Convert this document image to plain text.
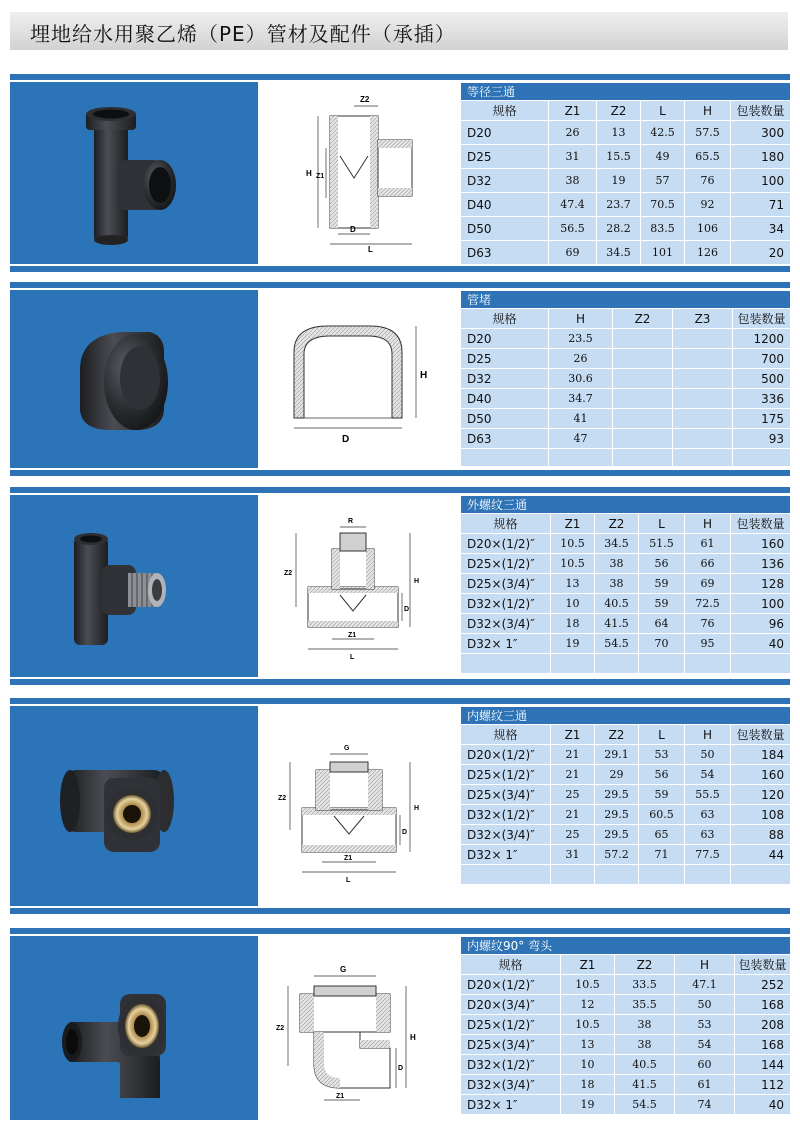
埋地给水用聚乙烯（PE）管材及配件（承插）
Z2
H Z1
D
L
等径三通					
规格	Z1	Z2	L	H	包装数量
D20	26	13	42.5	57.5	300
D25	31	15.5	49	65.5	180
D32	38	19	57	76	100
D40	47.4	23.7	70.5	92	71
D50	56.5	28.2	83.5	106	34
D63	69	34.5	101	126	20
H
D
管堵				
规格	H	Z2	Z3	包装数量
D20	23.5			1200
D25	26			700
D32	30.6			500
D40	34.7			336
D50	41			175
D63	47			93

R
Z2
H
D
Z1
L
外螺纹三通					
规格	Z1	Z2	L	H	包装数量
D20×(1/2)″	10.5	34.5	51.5	61	160
D25×(1/2)″	10.5	38	56	66	136
D25×(3/4)″	13	38	59	69	128
D32×(1/2)″	10	40.5	59	72.5	100
D32×(3/4)″	18	41.5	64	76	96
D32× 1″	19	54.5	70	95	40

G
Z2
D
H
Z1
L
内螺纹三通					
规格	Z1	Z2	L	H	包装数量
D20×(1/2)″	21	29.1	53	50	184
D25×(1/2)″	21	29	56	54	160
D25×(3/4)″	25	29.5	59	55.5	120
D32×(1/2)″	21	29.5	60.5	63	108
D32×(3/4)″	25	29.5	65	63	88
D32× 1″	31	57.2	71	77.5	44

G
Z2
H
D
Z1
内螺纹90° 弯头				
规格	Z1	Z2	H	包装数量
D20×(1/2)″	10.5	33.5	47.1	252
D20×(3/4)″	12	35.5	50	168
D25×(1/2)″	10.5	38	53	208
D25×(3/4)″	13	38	54	168
D32×(1/2)″	10	40.5	60	144
D32×(3/4)″	18	41.5	61	112
D32× 1″	19	54.5	74	40
